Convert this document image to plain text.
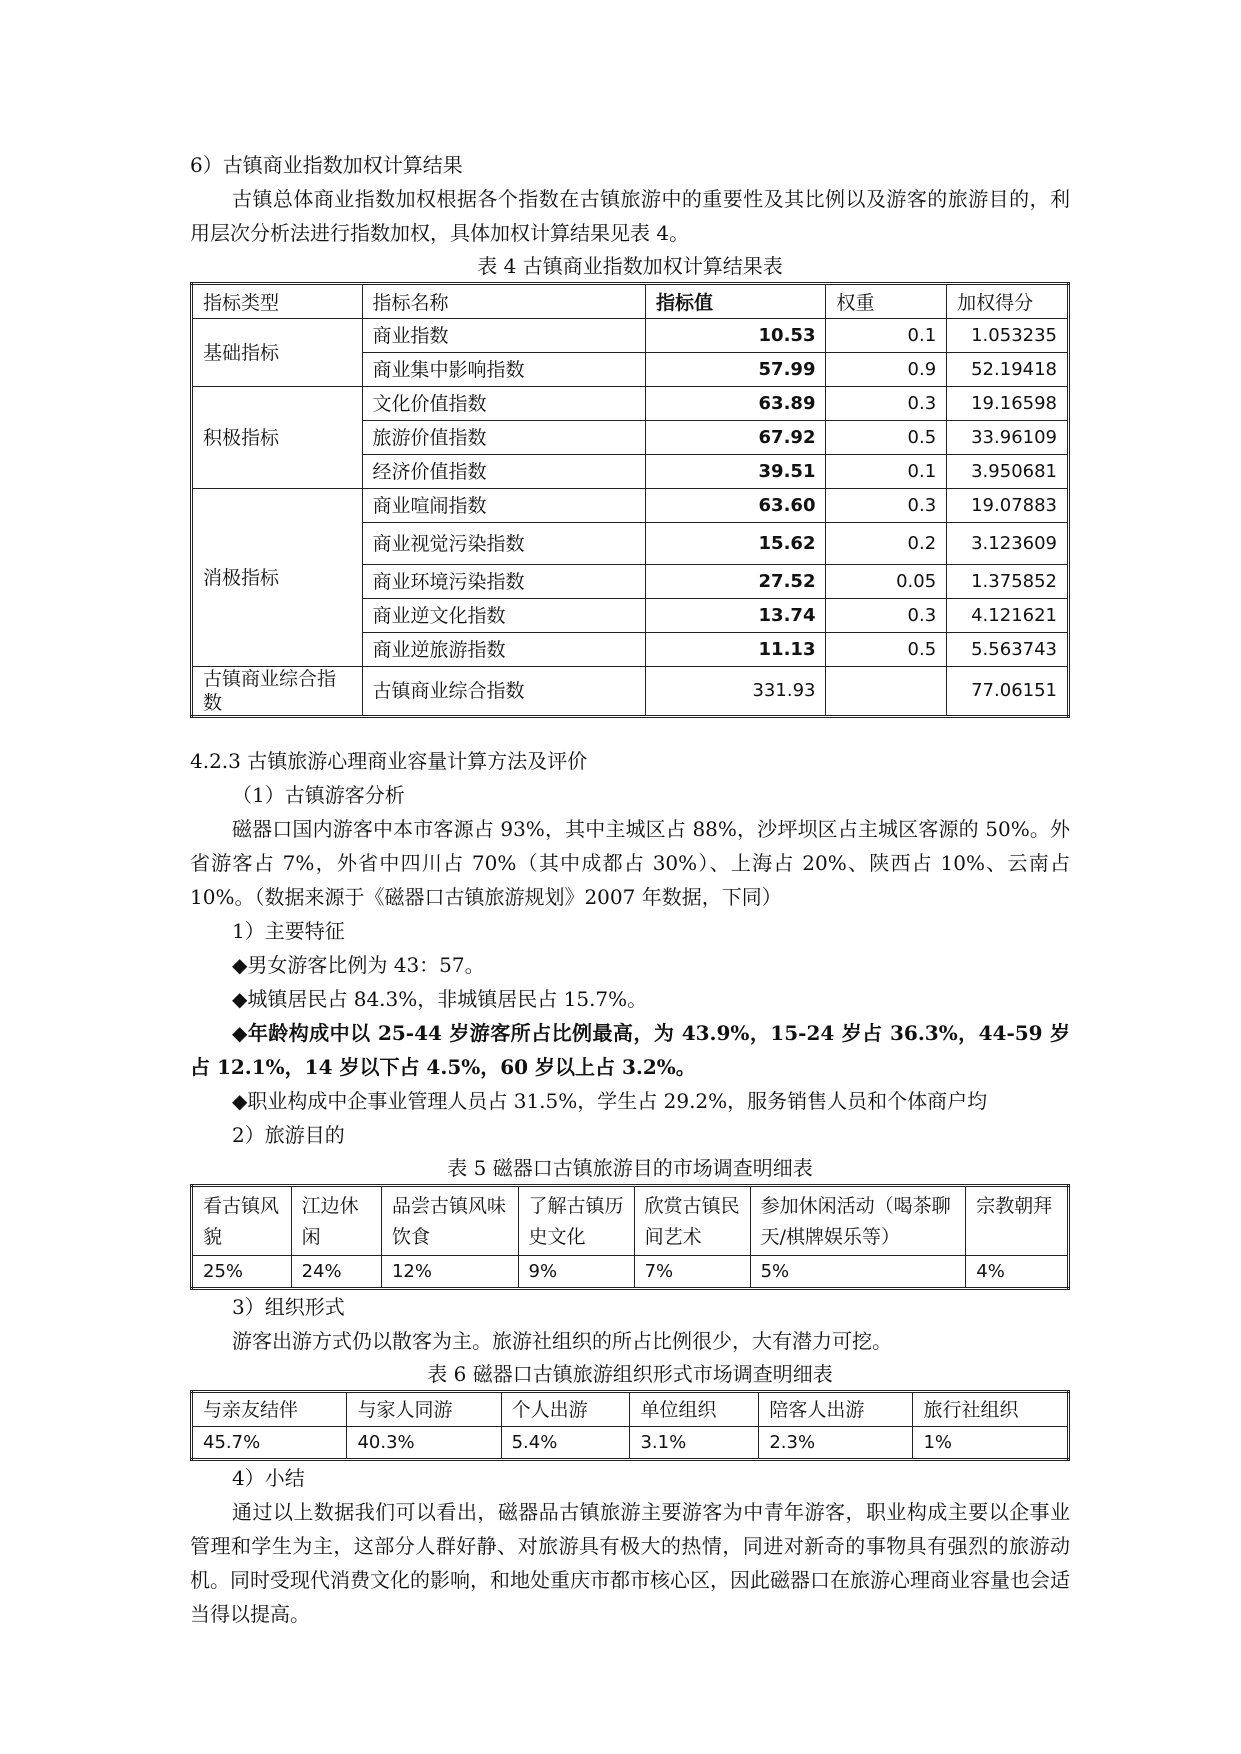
6）古镇商业指数加权计算结果

古镇总体商业指数加权根据各个指数在古镇旅游中的重要性及其比例以及游客的旅游目的，利用层次分析法进行指数加权，具体加权计算结果见表 4。

表 4 古镇商业指数加权计算结果表

指标类型	指标名称	指标值	权重	加权得分
基础指标	商业指数	10.53	0.1	1.053235
	商业集中影响指数	57.99	0.9	52.19418
积极指标	文化价值指数	63.89	0.3	19.16598
	旅游价值指数	67.92	0.5	33.96109
	经济价值指数	39.51	0.1	3.950681
消极指标	商业喧闹指数	63.60	0.3	19.07883
	商业视觉污染指数	15.62	0.2	3.123609
	商业环境污染指数	27.52	0.05	1.375852
	商业逆文化指数	13.74	0.3	4.121621
	商业逆旅游指数	11.13	0.5	5.563743
古镇商业综合指数	古镇商业综合指数	331.93		77.06151

4.2.3 古镇旅游心理商业容量计算方法及评价

（1）古镇游客分析

磁器口国内游客中本市客源占 93%，其中主城区占 88%，沙坪坝区占主城区客源的 50%。外省游客占 7%，外省中四川占 70%（其中成都占 30%）、上海占 20%、陕西占 10%、云南占 10%。（数据来源于《磁器口古镇旅游规划》2007 年数据，下同）

1）主要特征

◆男女游客比例为 43：57。

◆城镇居民占 84.3%，非城镇居民占 15.7%。

◆年龄构成中以 25-44 岁游客所占比例最高，为 43.9%，15-24 岁占 36.3%，44-59 岁占 12.1%，14 岁以下占 4.5%，60 岁以上占 3.2%。

◆职业构成中企事业管理人员占 31.5%，学生占 29.2%，服务销售人员和个体商户均

2）旅游目的

表 5 磁器口古镇旅游目的市场调查明细表

看古镇风貌	江边休闲	品尝古镇风味饮食	了解古镇历史文化	欣赏古镇民间艺术	参加休闲活动（喝茶聊天/棋牌娱乐等）	宗教朝拜
25%	24%	12%	9%	7%	5%	4%

3）组织形式

游客出游方式仍以散客为主。旅游社组织的所占比例很少，大有潜力可挖。

表 6 磁器口古镇旅游组织形式市场调查明细表

与亲友结伴	与家人同游	个人出游	单位组织	陪客人出游	旅行社组织
45.7%	40.3%	5.4%	3.1%	2.3%	1%

4）小结

通过以上数据我们可以看出，磁器品古镇旅游主要游客为中青年游客，职业构成主要以企事业管理和学生为主，这部分人群好静、对旅游具有极大的热情，同进对新奇的事物具有强烈的旅游动机。同时受现代消费文化的影响，和地处重庆市都市核心区，因此磁器口在旅游心理商业容量也会适当得以提高。
